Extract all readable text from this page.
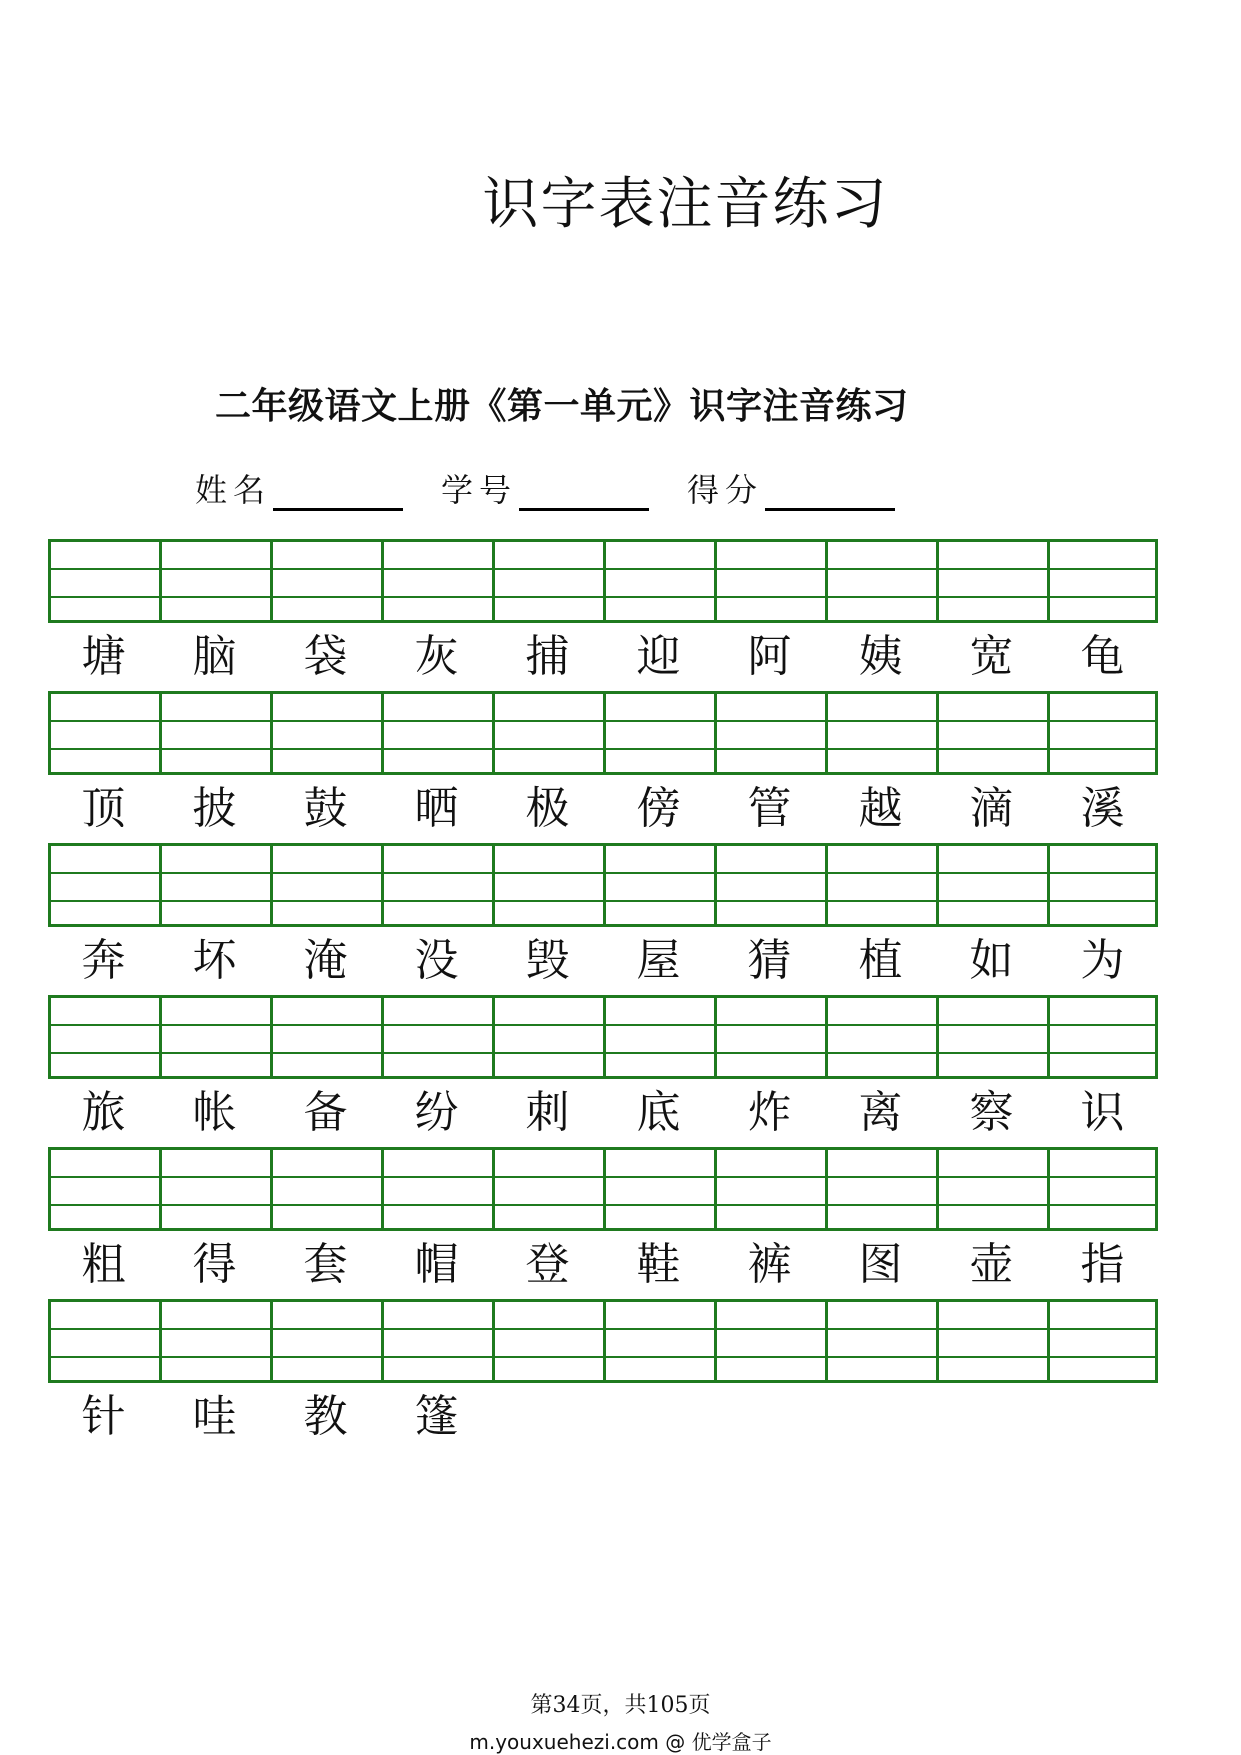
识字表注音练习
二年级语文上册《第一单元》识字注音练习
姓名	学号	得分
塘	脑	袋	灰	捕	迎	阿	姨	宽	龟
顶	披	鼓	晒	极	傍	管	越	滴	溪
奔	坏	淹	没	毁	屋	猜	植	如	为
旅	帐	备	纷	刺	底	炸	离	察	识
粗	得	套	帽	登	鞋	裤	图	壶	指
针	哇	教	篷
第34页，共105页
m.youxuehezi.com @ 优学盒子
